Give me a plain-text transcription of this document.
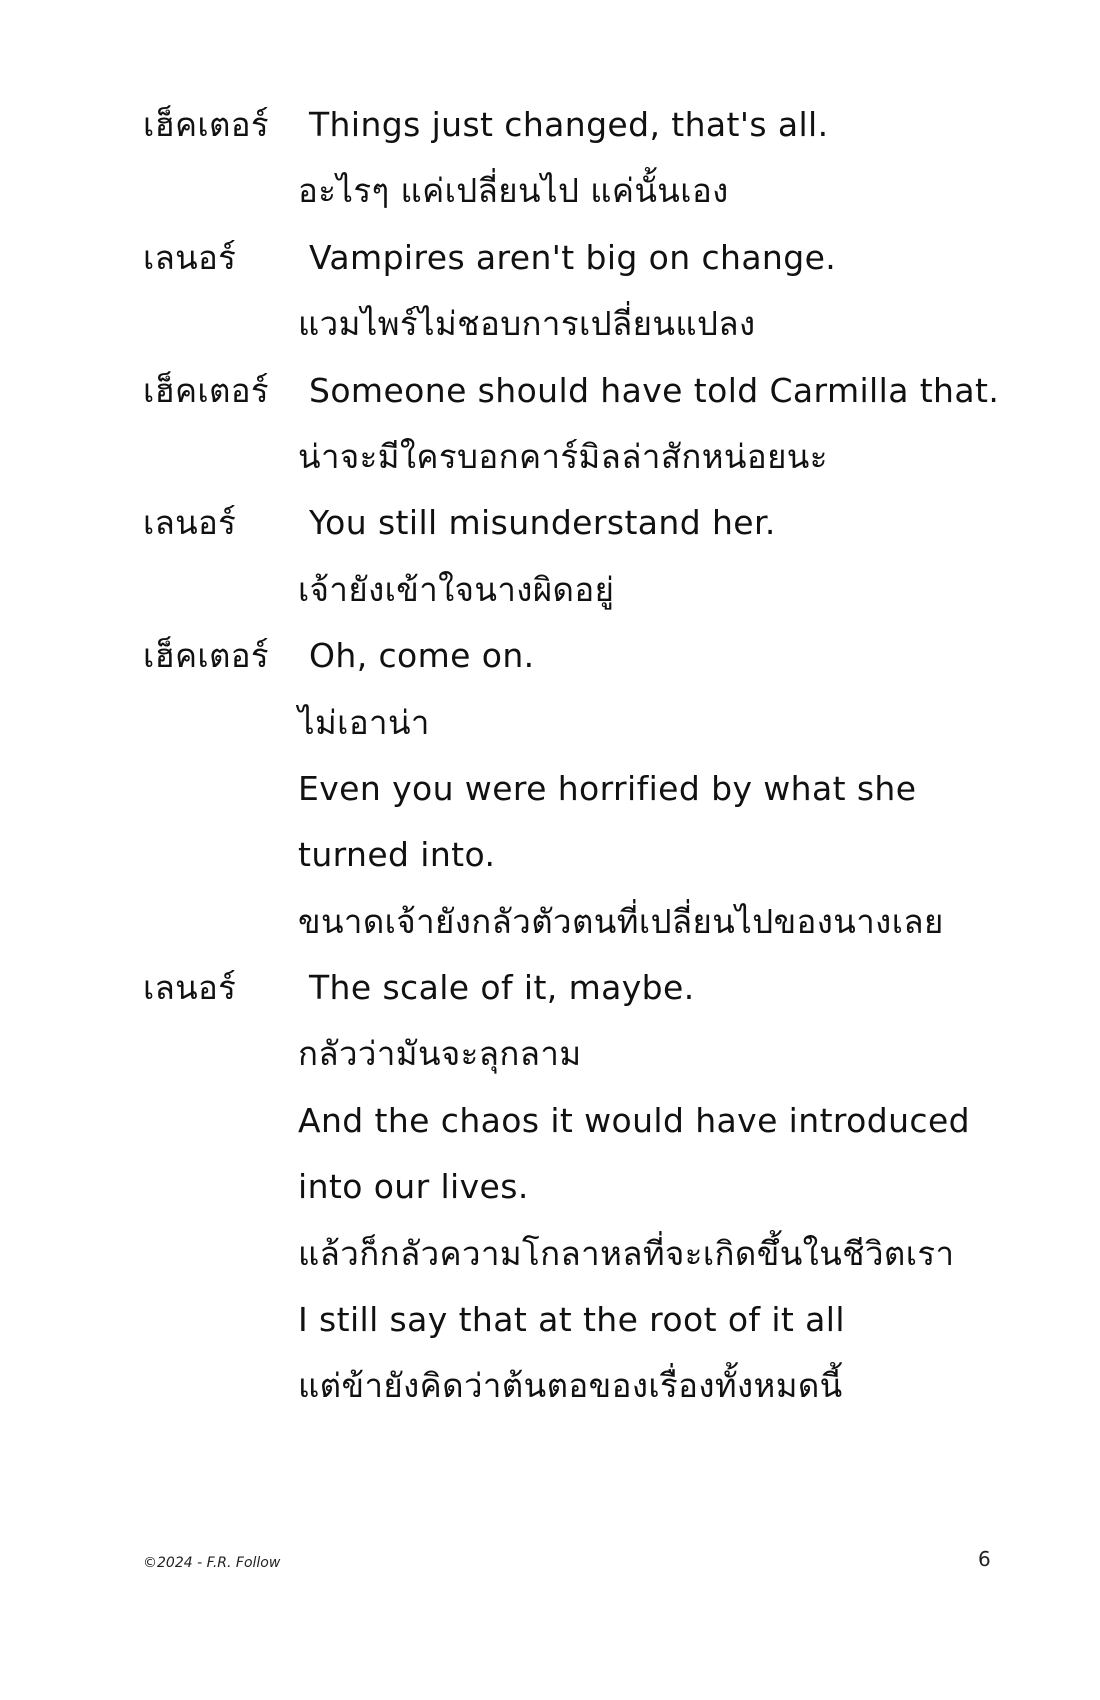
เฮ็คเตอร์ Things just changed, that's all.
อะไรๆ แค่เปลี่ยนไป แค่นั้นเอง
เลนอร์ Vampires aren't big on change.
แวมไพร์ไม่ชอบการเปลี่ยนแปลง
เฮ็คเตอร์ Someone should have told Carmilla that.
น่าจะมีใครบอกคาร์มิลล่าสักหน่อยนะ
เลนอร์ You still misunderstand her.
เจ้ายังเข้าใจนางผิดอยู่
เฮ็คเตอร์ Oh, come on.
ไม่เอาน่า
Even you were horrified by what she
turned into.
ขนาดเจ้ายังกลัวตัวตนที่เปลี่ยนไปของนางเลย
เลนอร์ The scale of it, maybe.
กลัวว่ามันจะลุกลาม
And the chaos it would have introduced
into our lives.
แล้วก็กลัวความโกลาหลที่จะเกิดขึ้นในชีวิตเรา
I still say that at the root of it all
แต่ข้ายังคิดว่าต้นตอของเรื่องทั้งหมดนี้
©2024 - F.R. Follow	6
